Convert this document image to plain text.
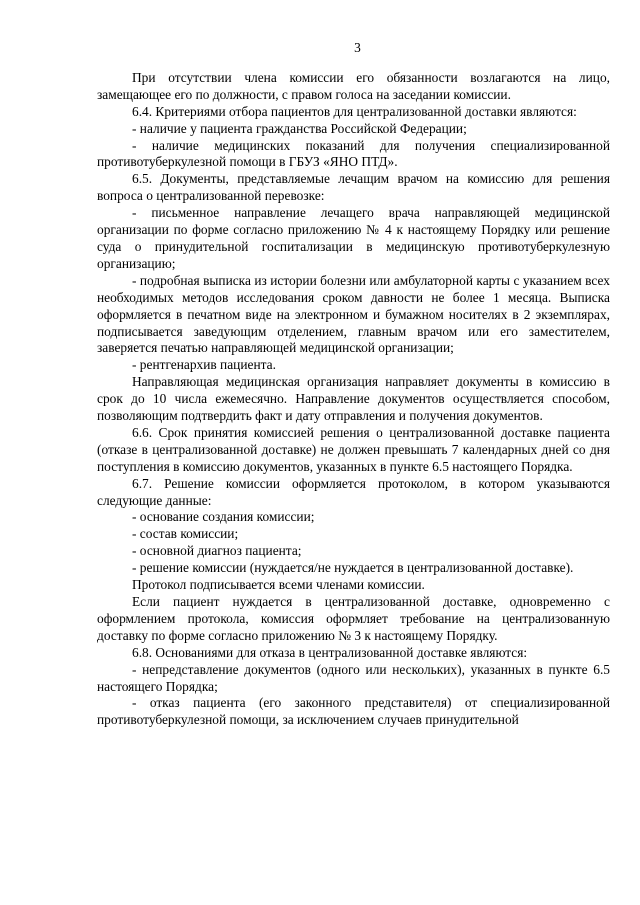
3

При отсутствии члена комиссии его обязанности возлагаются на лицо, замещающее его по должности, с правом голоса на заседании комиссии.

6.4. Критериями отбора пациентов для централизованной доставки являются:

- наличие у пациента гражданства Российской Федерации;

- наличие медицинских показаний для получения специализированной противотуберкулезной помощи в ГБУЗ «ЯНО ПТД».

6.5. Документы, представляемые лечащим врачом на комиссию для решения вопроса о централизованной перевозке:

- письменное направление лечащего врача направляющей медицинской организации по форме согласно приложению № 4 к настоящему Порядку или решение суда о принудительной госпитализации в медицинскую противотуберкулезную организацию;

- подробная выписка из истории болезни или амбулаторной карты с указанием всех необходимых методов исследования сроком давности не более 1 месяца. Выписка оформляется в печатном виде на электронном и бумажном носителях в 2 экземплярах, подписывается заведующим отделением, главным врачом или его заместителем, заверяется печатью направляющей медицинской организации;

- рентгенархив пациента.

Направляющая медицинская организация направляет документы в комиссию в срок до 10 числа ежемесячно. Направление документов осуществляется способом, позволяющим подтвердить факт и дату отправления и получения документов.

6.6. Срок принятия комиссией решения о централизованной доставке пациента (отказе в централизованной доставке) не должен превышать 7 календарных дней со дня поступления в комиссию документов, указанных в пункте 6.5 настоящего Порядка.

6.7. Решение комиссии оформляется протоколом, в котором указываются следующие данные:

- основание создания комиссии;

- состав комиссии;

- основной диагноз пациента;

- решение комиссии (нуждается/не нуждается в централизованной доставке).

Протокол подписывается всеми членами комиссии.

Если пациент нуждается в централизованной доставке, одновременно с оформлением протокола, комиссия оформляет требование на централизованную доставку по форме согласно приложению № 3 к настоящему Порядку.

6.8. Основаниями для отказа в централизованной доставке являются:

- непредставление документов (одного или нескольких), указанных в пункте 6.5 настоящего Порядка;

- отказ пациента (его законного представителя) от специализированной противотуберкулезной помощи, за исключением случаев принудительной
